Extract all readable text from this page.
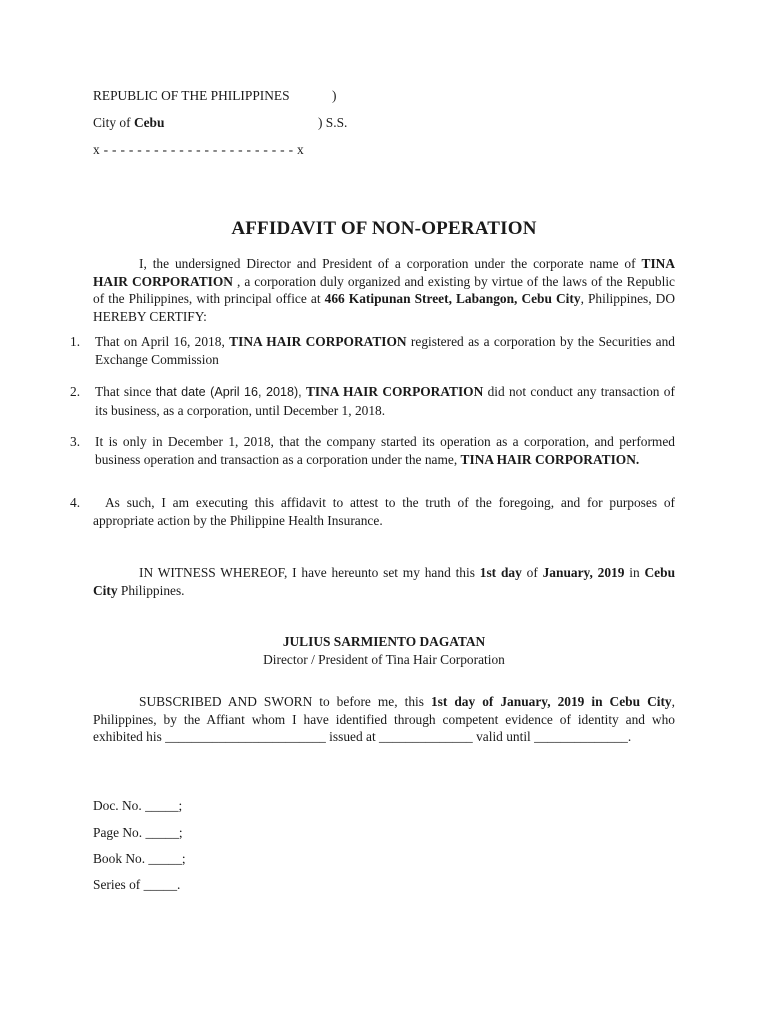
REPUBLIC OF THE PHILIPPINES	)
City of Cebu	) S.S.
x - - - - - - - - - - - - - - - - - - - - - - - x
AFFIDAVIT OF NON-OPERATION
I, the undersigned Director and President of a corporation under the corporate name of TINA HAIR CORPORATION , a corporation duly organized and existing by virtue of the laws of the Republic of the Philippines, with principal office at 466 Katipunan Street, Labangon, Cebu City, Philippines, DO HEREBY CERTIFY:
1.	That on April 16, 2018, TINA HAIR CORPORATION registered as a corporation by the Securities and Exchange Commission
2.	That since that date (April 16, 2018), TINA HAIR CORPORATION did not conduct any transaction of its business, as a corporation, until December 1, 2018.
3.	It is only in December 1, 2018, that the company started its operation as a corporation, and performed business operation and transaction as a corporation under the name, TINA HAIR CORPORATION.
4.	As such, I am executing this affidavit to attest to the truth of the foregoing, and for purposes of appropriate action by the Philippine Health Insurance.
IN WITNESS WHEREOF, I have hereunto set my hand this 1st day of January, 2019 in Cebu City Philippines.
JULIUS SARMIENTO DAGATAN
Director / President of Tina Hair Corporation
SUBSCRIBED AND SWORN to before me, this 1st day of January, 2019 in Cebu City, Philippines, by the Affiant whom I have identified through competent evidence of identity and who exhibited his ________________________ issued at ______________ valid until ______________.
Doc. No. _____;
Page No. _____;
Book No. _____;
Series of _____.
